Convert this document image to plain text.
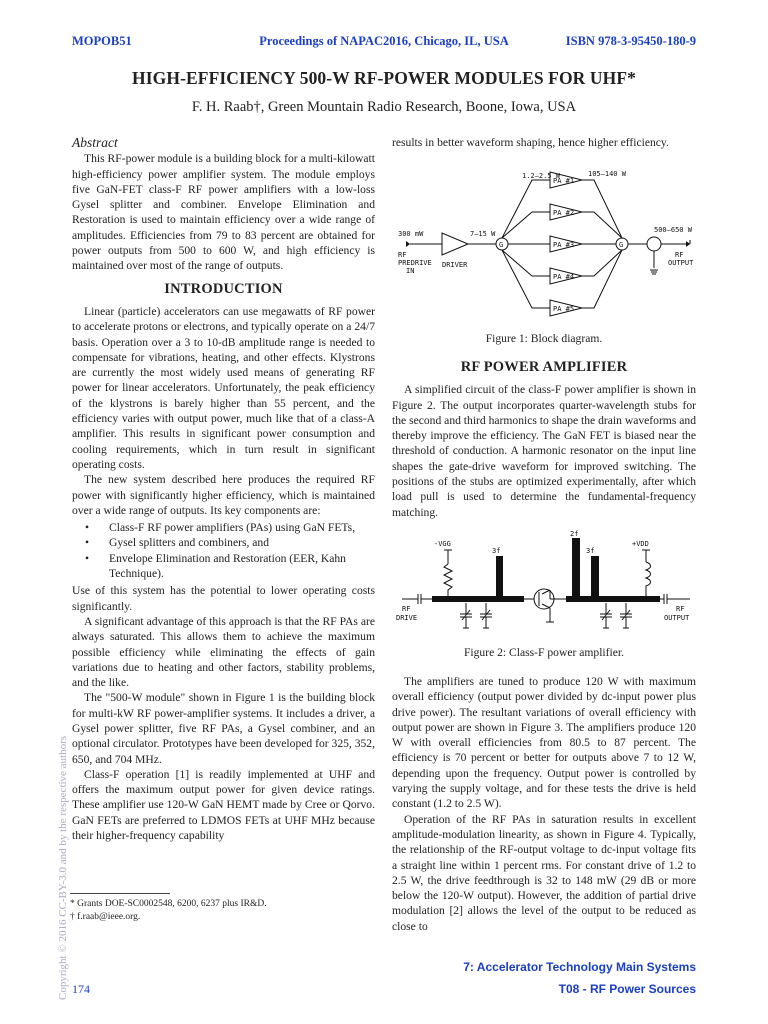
MOPOB51	Proceedings of NAPAC2016, Chicago, IL, USA	ISBN 978-3-95450-180-9
HIGH-EFFICIENCY 500-W RF-POWER MODULES FOR UHF*
F. H. Raab†, Green Mountain Radio Research, Boone, Iowa, USA
Abstract

This RF-power module is a building block for a multi-kilowatt high-efficiency power amplifier system. The module employs five GaN-FET class-F RF power amplifiers with a low-loss Gysel splitter and combiner. Envelope Elimination and Restoration is used to maintain efficiency over a wide range of amplitudes. Efficiencies from 79 to 83 percent are obtained for power outputs from 500 to 600 W, and high efficiency is maintained over most of the range of outputs.

INTRODUCTION

Linear (particle) accelerators can use megawatts of RF power to accelerate protons or electrons, and typically operate on a 24/7 basis. Operation over a 3 to 10-dB amplitude range is needed to compensate for vibrations, heating, and other effects. Klystrons are currently the most widely used means of generating RF power for linear accelerators. Unfortunately, the peak efficiency of the klystrons is barely higher than 55 percent, and the efficiency varies with output power, much like that of a class-A amplifier. This results in significant power consumption and cooling requirements, which in turn result in significant operating costs.

The new system described here produces the required RF power with significantly higher efficiency, which is maintained over a wide range of outputs. Its key components are:

• Class-F RF power amplifiers (PAs) using GaN FETs,
• Gysel splitters and combiners, and
• Envelope Elimination and Restoration (EER, Kahn Technique).

Use of this system has the potential to lower operating costs significantly.

A significant advantage of this approach is that the RF PAs are always saturated. This allows them to achieve the maximum possible efficiency while eliminating the effects of gain variations due to heating and other factors, stability problems, and the like.

The "500-W module" shown in Figure 1 is the building block for multi-kW RF power-amplifier systems. It includes a driver, a Gysel power splitter, five RF PAs, a Gysel combiner, and an optional circulator. Prototypes have been developed for 325, 352, 650, and 704 MHz.

Class-F operation [1] is readily implemented at UHF and offers the maximum output power for given device ratings. These amplifier use 120-W GaN HEMT made by Cree or Qorvo. GaN FETs are preferred to LDMOS FETs at UHF MHz because their higher-frequency capability

* Grants DOE-SC0002548, 6200, 6237 plus IR&D.
† f.raab@ieee.org.

results in better waveform shaping, hence higher efficiency.

1.2–2.5 W	105–140 W
300 mW	7–15 W	500–650 W
RF
PREDRIVE
IN
DRIVER
RF
OUTPUT
G	G
PA #1
PA #2
PA #3
PA #4
PA #5
Figure 1: Block diagram.
RF POWER AMPLIFIER

A simplified circuit of the class-F power amplifier is shown in Figure 2. The output incorporates quarter-wavelength stubs for the second and third harmonics to shape the drain waveforms and thereby improve the efficiency. The GaN FET is biased near the threshold of conduction. A harmonic resonator on the input line shapes the gate-drive waveform for improved switching. The positions of the stubs are optimized experimentally, after which load pull is used to determine the fundamental-frequency matching.

-VGG
3f
2f
3f
+VDD
RF
DRIVE
RF
OUTPUT
Figure 2: Class-F power amplifier.

The amplifiers are tuned to produce 120 W with maximum overall efficiency (output power divided by dc-input power plus drive power). The resultant variations of overall efficiency with output power are shown in Figure 3. The amplifiers produce 120 W with overall efficiencies from 80.5 to 87 percent. The efficiency is 70 percent or better for outputs above 7 to 12 W, depending upon the frequency. Output power is controlled by varying the supply voltage, and for these tests the drive is held constant (1.2 to 2.5 W).

Operation of the RF PAs in saturation results in excellent amplitude-modulation linearity, as shown in Figure 4. Typically, the relationship of the RF-output voltage to dc-input voltage fits a straight line within 1 percent rms. For constant drive of 1.2 to 2.5 W, the drive feedthrough is 32 to 148 mW (29 dB or more below the 120-W output). However, the addition of partial drive modulation [2] allows the level of the output to be reduced as close to

Copyright © 2016 CC-BY-3.0 and by the respective authors 174
7: Accelerator Technology Main Systems
T08 - RF Power Sources
